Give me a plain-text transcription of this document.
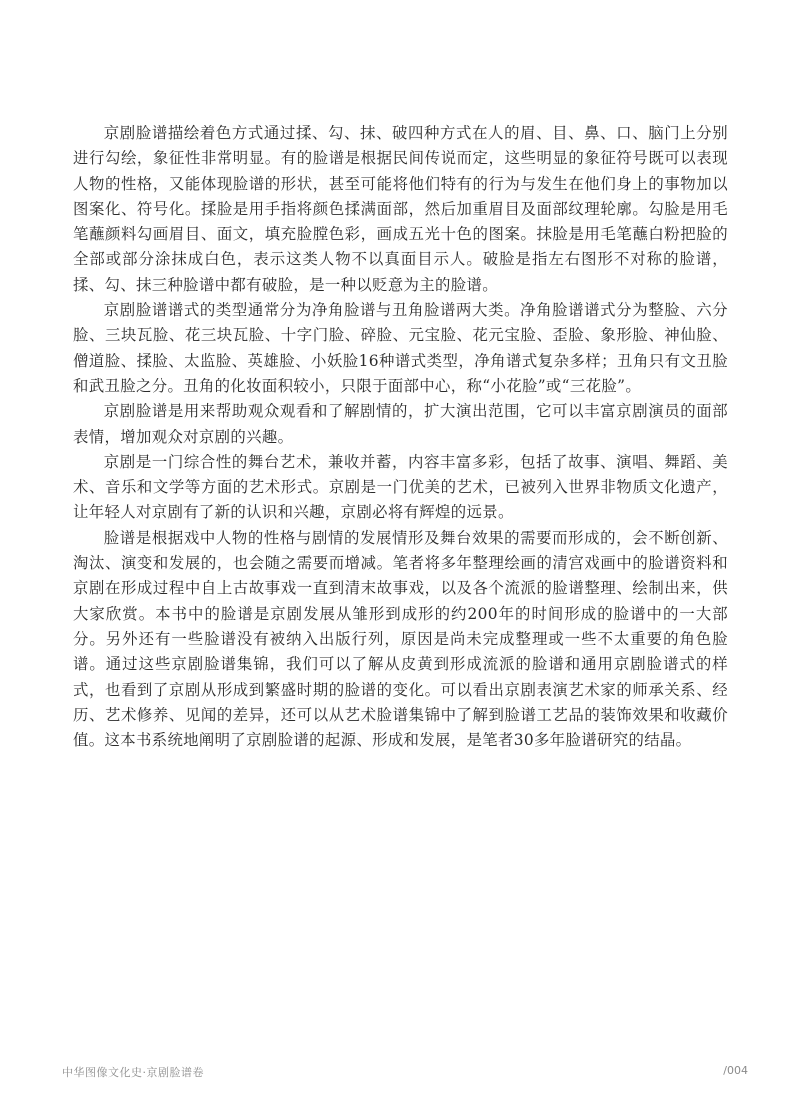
京剧脸谱描绘着色方式通过揉、勾、抹、破四种方式在人的眉、目、鼻、口、脑门上分别进行勾绘，象征性非常明显。有的脸谱是根据民间传说而定，这些明显的象征符号既可以表现人物的性格，又能体现脸谱的形状，甚至可能将他们特有的行为与发生在他们身上的事物加以图案化、符号化。揉脸是用手指将颜色揉满面部，然后加重眉目及面部纹理轮廓。勾脸是用毛笔蘸颜料勾画眉目、面文，填充脸膛色彩，画成五光十色的图案。抹脸是用毛笔蘸白粉把脸的全部或部分涂抹成白色，表示这类人物不以真面目示人。破脸是指左右图形不对称的脸谱，揉、勾、抹三种脸谱中都有破脸，是一种以贬意为主的脸谱。

京剧脸谱谱式的类型通常分为净角脸谱与丑角脸谱两大类。净角脸谱谱式分为整脸、六分脸、三块瓦脸、花三块瓦脸、十字门脸、碎脸、元宝脸、花元宝脸、歪脸、象形脸、神仙脸、僧道脸、揉脸、太监脸、英雄脸、小妖脸16种谱式类型，净角谱式复杂多样；丑角只有文丑脸和武丑脸之分。丑角的化妆面积较小，只限于面部中心，称“小花脸”或“三花脸”。

京剧脸谱是用来帮助观众观看和了解剧情的，扩大演出范围，它可以丰富京剧演员的面部表情，增加观众对京剧的兴趣。

京剧是一门综合性的舞台艺术，兼收并蓄，内容丰富多彩，包括了故事、演唱、舞蹈、美术、音乐和文学等方面的艺术形式。京剧是一门优美的艺术，已被列入世界非物质文化遗产，让年轻人对京剧有了新的认识和兴趣，京剧必将有辉煌的远景。

脸谱是根据戏中人物的性格与剧情的发展情形及舞台效果的需要而形成的，会不断创新、淘汰、演变和发展的，也会随之需要而增减。笔者将多年整理绘画的清宫戏画中的脸谱资料和京剧在形成过程中自上古故事戏一直到清末故事戏，以及各个流派的脸谱整理、绘制出来，供大家欣赏。本书中的脸谱是京剧发展从雏形到成形的约200年的时间形成的脸谱中的一大部分。另外还有一些脸谱没有被纳入出版行列，原因是尚未完成整理或一些不太重要的角色脸谱。通过这些京剧脸谱集锦，我们可以了解从皮黄到形成流派的脸谱和通用京剧脸谱式的样式，也看到了京剧从形成到繁盛时期的脸谱的变化。可以看出京剧表演艺术家的师承关系、经历、艺术修养、见闻的差异，还可以从艺术脸谱集锦中了解到脸谱工艺品的装饰效果和收藏价值。这本书系统地阐明了京剧脸谱的起源、形成和发展，是笔者30多年脸谱研究的结晶。

中华图像文化史·京剧脸谱卷	/004
